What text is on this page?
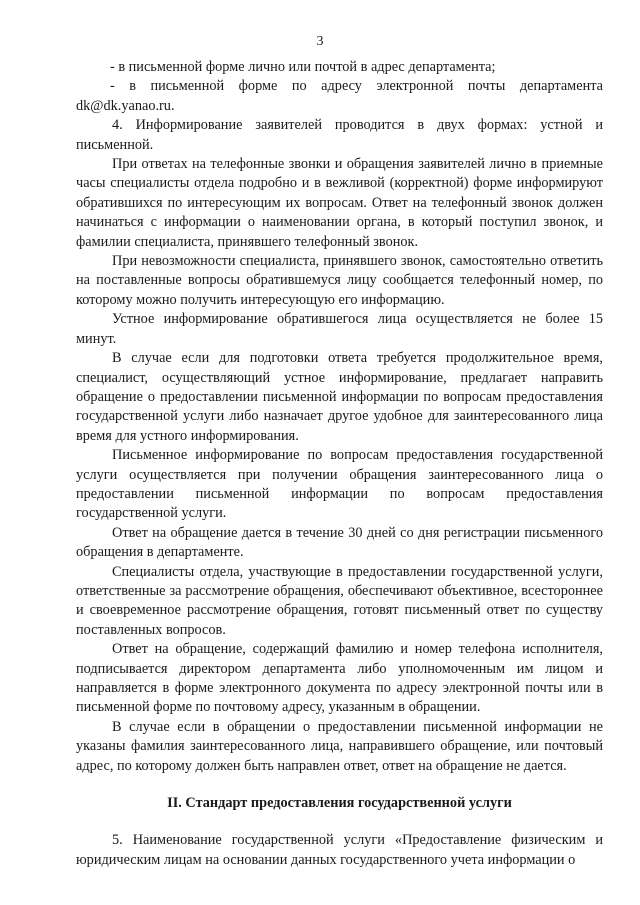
3

- в письменной форме лично или почтой в адрес департамента;

- в письменной форме по адресу электронной почты департамента dk@dk.yanao.ru.

4. Информирование заявителей проводится в двух формах: устной и письменной.

При ответах на телефонные звонки и обращения заявителей лично в приемные часы специалисты отдела подробно и в вежливой (корректной) форме информируют обратившихся по интересующим их вопросам. Ответ на телефонный звонок должен начинаться с информации о наименовании органа, в который поступил звонок, и фамилии специалиста, принявшего телефонный звонок.

При невозможности специалиста, принявшего звонок, самостоятельно ответить на поставленные вопросы обратившемуся лицу сообщается телефонный номер, по которому можно получить интересующую его информацию.

Устное информирование обратившегося лица осуществляется не более 15 минут.

В случае если для подготовки ответа требуется продолжительное время, специалист, осуществляющий устное информирование, предлагает направить обращение о предоставлении письменной информации по вопросам предоставления государственной услуги либо назначает другое удобное для заинтересованного лица время для устного информирования.

Письменное информирование по вопросам предоставления государственной услуги осуществляется при получении обращения заинтересованного лица о предоставлении письменной информации по вопросам предоставления государственной услуги.

Ответ на обращение дается в течение 30 дней со дня регистрации письменного обращения в департаменте.

Специалисты отдела, участвующие в предоставлении государственной услуги, ответственные за рассмотрение обращения, обеспечивают объективное, всестороннее и своевременное рассмотрение обращения, готовят письменный ответ по существу поставленных вопросов.

Ответ на обращение, содержащий фамилию и номер телефона исполнителя, подписывается директором департамента либо уполномоченным им лицом и направляется в форме электронного документа по адресу электронной почты или в письменной форме по почтовому адресу, указанным в обращении.

В случае если в обращении о предоставлении письменной информации не указаны фамилия заинтересованного лица, направившего обращение, или почтовый адрес, по которому должен быть направлен ответ, ответ на обращение не дается.

II. Стандарт предоставления государственной услуги

5. Наименование государственной услуги «Предоставление физическим и юридическим лицам на основании данных государственного учета информации о
